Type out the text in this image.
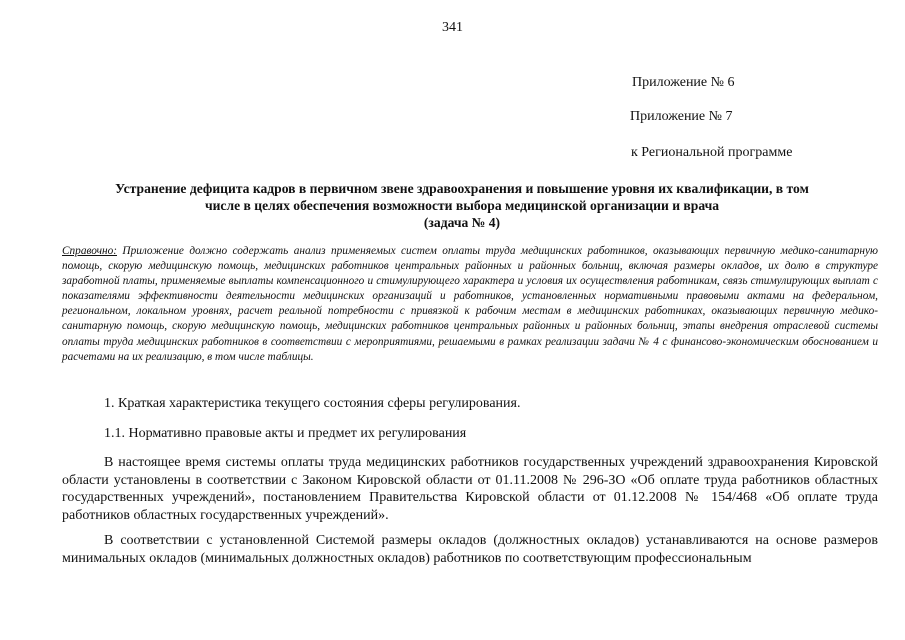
341
Приложение № 6
Приложение № 7
к Региональной программе
Устранение дефицита кадров в первичном звене здравоохранения и повышение уровня их квалификации, в том
числе в целях обеспечения возможности выбора медицинской организации и врача
(задача № 4)
Справочно: Приложение должно содержать анализ применяемых систем оплаты труда медицинских работников, оказывающих первичную медико-санитарную помощь, скорую медицинскую помощь, медицинских работников центральных районных и районных больниц, включая размеры окладов, их долю в структуре заработной платы, применяемые выплаты компенсационного и стимулирующего характера и условия их осуществления работникам, связь стимулирующих выплат с показателями эффективности деятельности медицинских организаций и работников, установленных нормативными правовыми актами на федеральном, региональном, локальном уровнях, расчет реальной потребности с привязкой к рабочим местам в медицинских работниках, оказывающих первичную медико-санитарную помощь, скорую медицинскую помощь, медицинских работников центральных районных и районных больниц, этапы внедрения отраслевой системы оплаты труда медицинских работников в соответствии с мероприятиями, решаемыми в рамках реализации задачи № 4 с финансово-экономическим обоснованием и расчетами на их реализацию, в том числе таблицы.
1. Краткая характеристика текущего состояния сферы регулирования.
1.1. Нормативно правовые акты и предмет их регулирования
В настоящее время системы оплаты труда медицинских работников государственных учреждений здравоохранения Кировской области установлены в соответствии с Законом Кировской области от 01.11.2008 № 296-ЗО «Об оплате труда работников областных государственных учреждений», постановлением Правительства Кировской области от 01.12.2008 № 154/468 «Об оплате труда работников областных государственных учреждений».
В соответствии с установленной Системой размеры окладов (должностных окладов) устанавливаются на основе размеров минимальных окладов (минимальных должностных окладов) работников по соответствующим профессиональным
